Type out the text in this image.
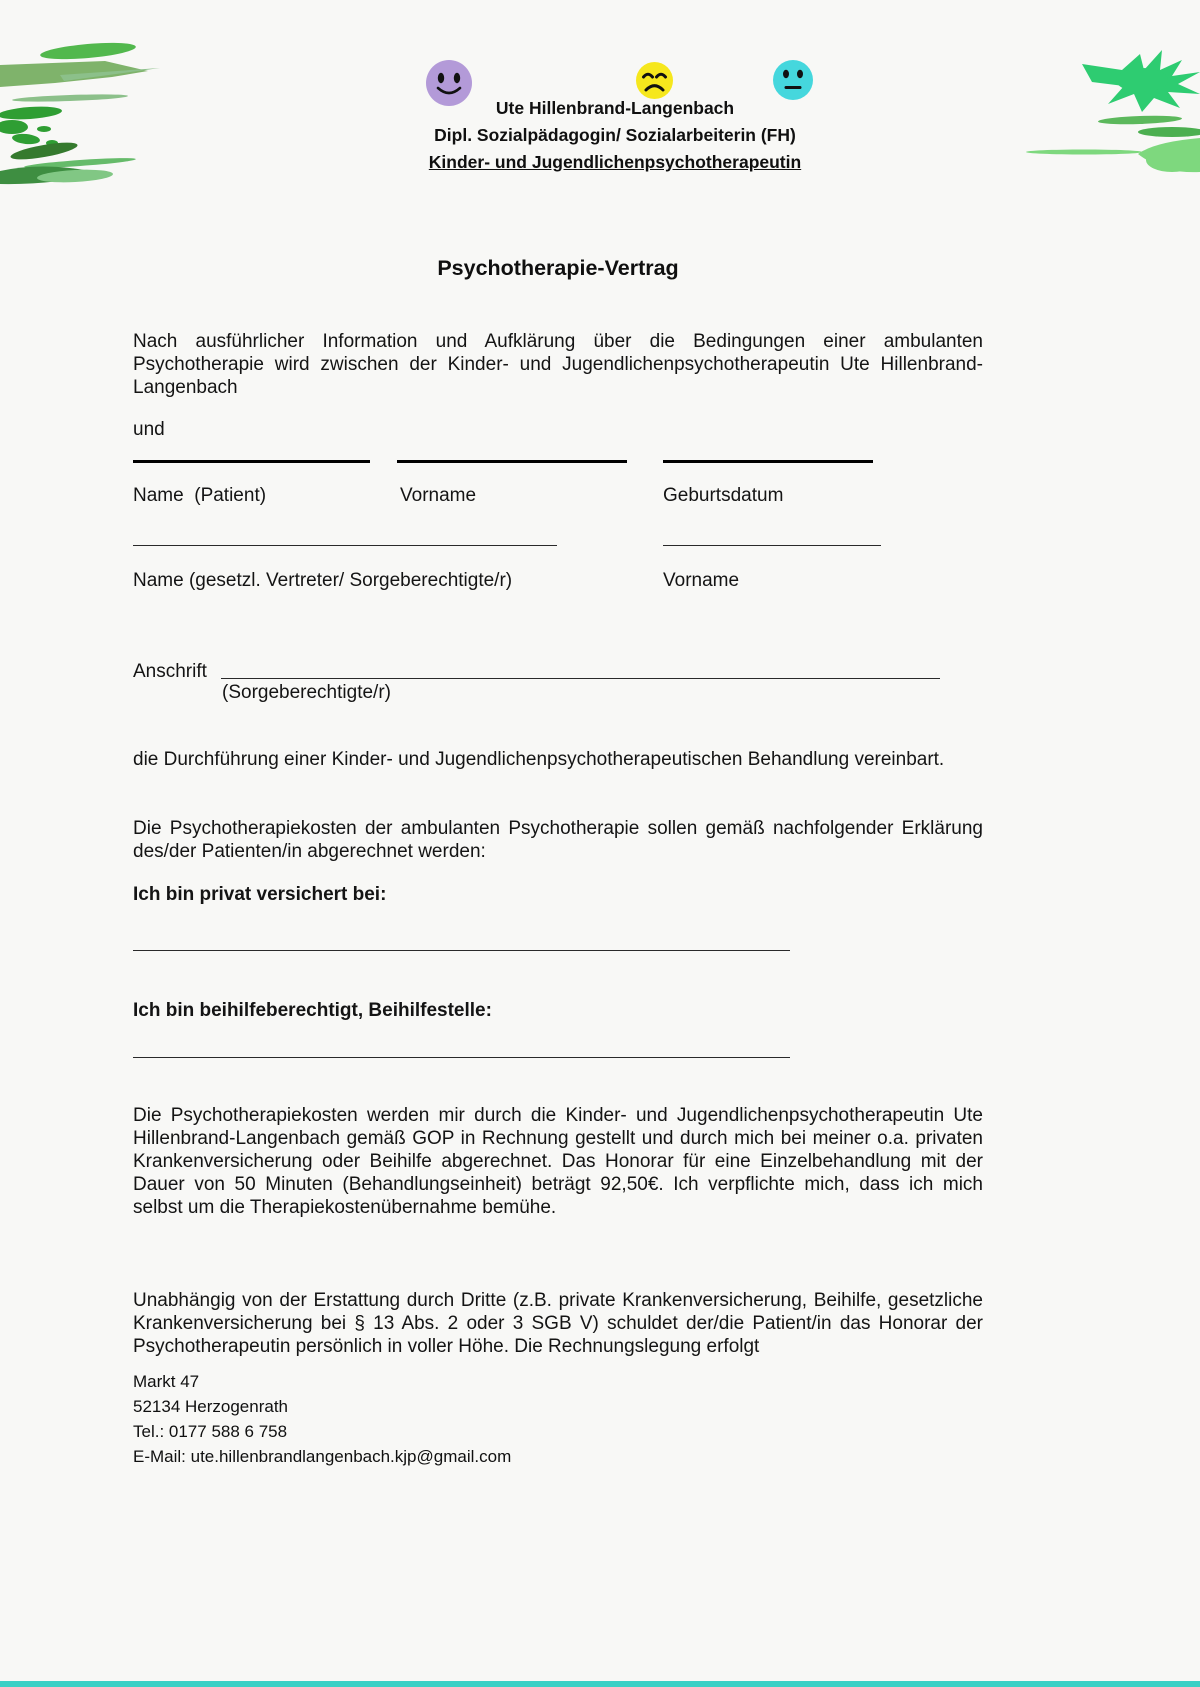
Ute Hillenbrand-Langenbach
Dipl. Sozialpädagogin/ Sozialarbeiterin (FH)
Kinder- und Jugendlichenpsychotherapeutin
Psychotherapie-Vertrag

Nach ausführlicher Information und Aufklärung über die Bedingungen einer ambulanten Psychotherapie wird zwischen der Kinder- und Jugendlichenpsychotherapeutin Ute Hillenbrand- Langenbach

und
Name  (Patient)	Vorname	Geburtsdatum
Name (gesetzl. Vertreter/ Sorgeberechtigte/r)	Vorname
Anschrift
(Sorgeberechtigte/r)

die Durchführung einer Kinder- und Jugendlichenpsychotherapeutischen Behandlung vereinbart.

Die Psychotherapiekosten der ambulanten Psychotherapie sollen gemäß nachfolgender Erklärung des/der Patienten/in abgerechnet werden:

Ich bin privat versichert bei:

Ich bin beihilfeberechtigt, Beihilfestelle:

Die Psychotherapiekosten werden mir durch die Kinder- und Jugendlichenpsychotherapeutin Ute Hillenbrand-Langenbach gemäß GOP in Rechnung gestellt und durch mich bei meiner o.a. privaten Krankenversicherung oder Beihilfe abgerechnet. Das Honorar für eine Einzelbehandlung mit der Dauer von 50 Minuten (Behandlungseinheit) beträgt 92,50€. Ich verpflichte mich, dass ich mich selbst um die Therapiekostenübernahme bemühe.

Unabhängig von der Erstattung durch Dritte (z.B. private Krankenversicherung, Beihilfe, gesetzliche Krankenversicherung bei § 13 Abs. 2 oder 3 SGB V) schuldet der/die Patient/in das Honorar der Psychotherapeutin persönlich in voller Höhe. Die Rechnungslegung erfolgt

Markt 47
52134 Herzogenrath
Tel.: 0177 588 6 758
E-Mail: ute.hillenbrandlangenbach.kjp@gmail.com
